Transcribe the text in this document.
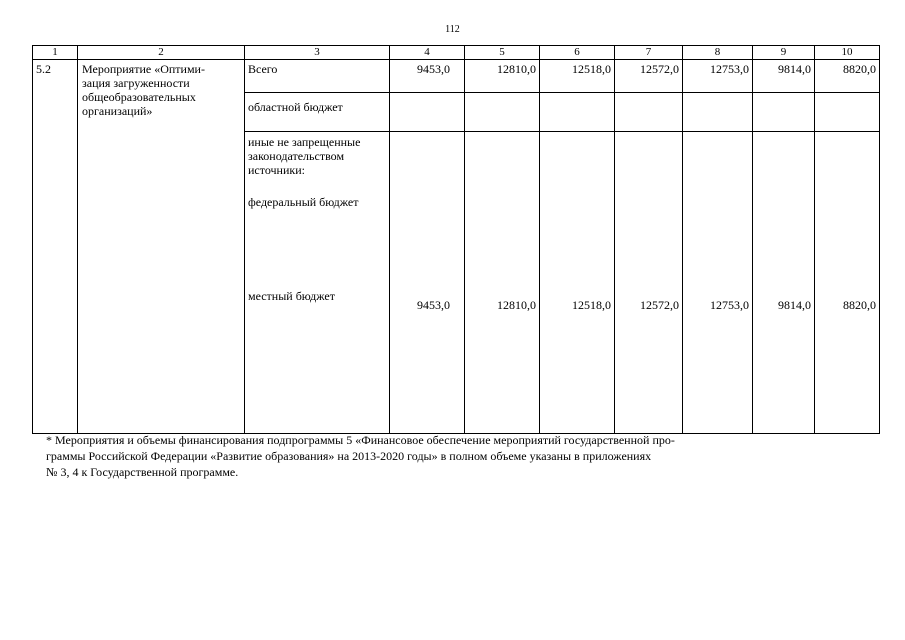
112
1	2	3	4	5	6	7	8	9	10
5.2	Мероприятие «Оптими-
зация загруженности
общеобразовательных
организаций»	Всего	9453,0	12810,0	12518,0	12572,0	12753,0	9814,0	8820,0
		областной бюджет							

		иные не запрещенные
законодательством
источники:
федеральный бюджет
местный бюджет	9453,0	12810,0	12518,0	12572,0	12753,0	9814,0	8820,0
* Мероприятия и объемы финансирования подпрограммы 5 «Финансовое обеспечение мероприятий государственной про-
граммы Российской Федерации «Развитие образования» на 2013-2020 годы» в полном объеме указаны в приложениях
№ 3, 4 к Государственной программе.
